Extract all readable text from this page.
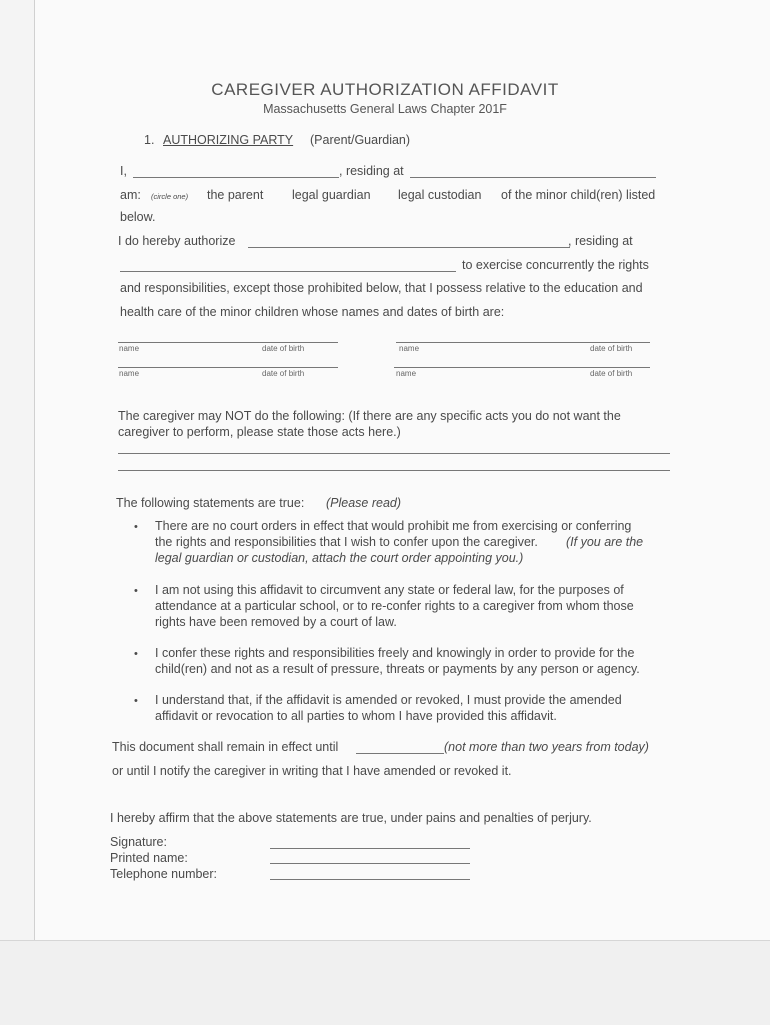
CAREGIVER AUTHORIZATION AFFIDAVIT
Massachusetts General Laws Chapter 201F
1. AUTHORIZING PARTY (Parent/Guardian)
I,	, residing at
am: (circle one) the parent legal guardian legal custodian of the minor child(ren) listed
below.
I do hereby authorize	, residing at
to exercise concurrently the rights
and responsibilities, except those prohibited below, that I possess relative to the education and
health care of the minor children whose names and dates of birth are:
name	date of birth	name	date of birth
name	date of birth	name	date of birth
The caregiver may NOT do the following: (If there are any specific acts you do not want the
caregiver to perform, please state those acts here.)
The following statements are true: (Please read)
• There are no court orders in effect that would prohibit me from exercising or conferring
the rights and responsibilities that I wish to confer upon the caregiver. (If you are the
legal guardian or custodian, attach the court order appointing you.)
• I am not using this affidavit to circumvent any state or federal law, for the purposes of
attendance at a particular school, or to re-confer rights to a caregiver from whom those
rights have been removed by a court of law.
• I confer these rights and responsibilities freely and knowingly in order to provide for the
child(ren) and not as a result of pressure, threats or payments by any person or agency.
• I understand that, if the affidavit is amended or revoked, I must provide the amended
affidavit or revocation to all parties to whom I have provided this affidavit.
This document shall remain in effect until	(not more than two years from today)
or until I notify the caregiver in writing that I have amended or revoked it.
I hereby affirm that the above statements are true, under pains and penalties of perjury.
Signature:
Printed name:
Telephone number:
